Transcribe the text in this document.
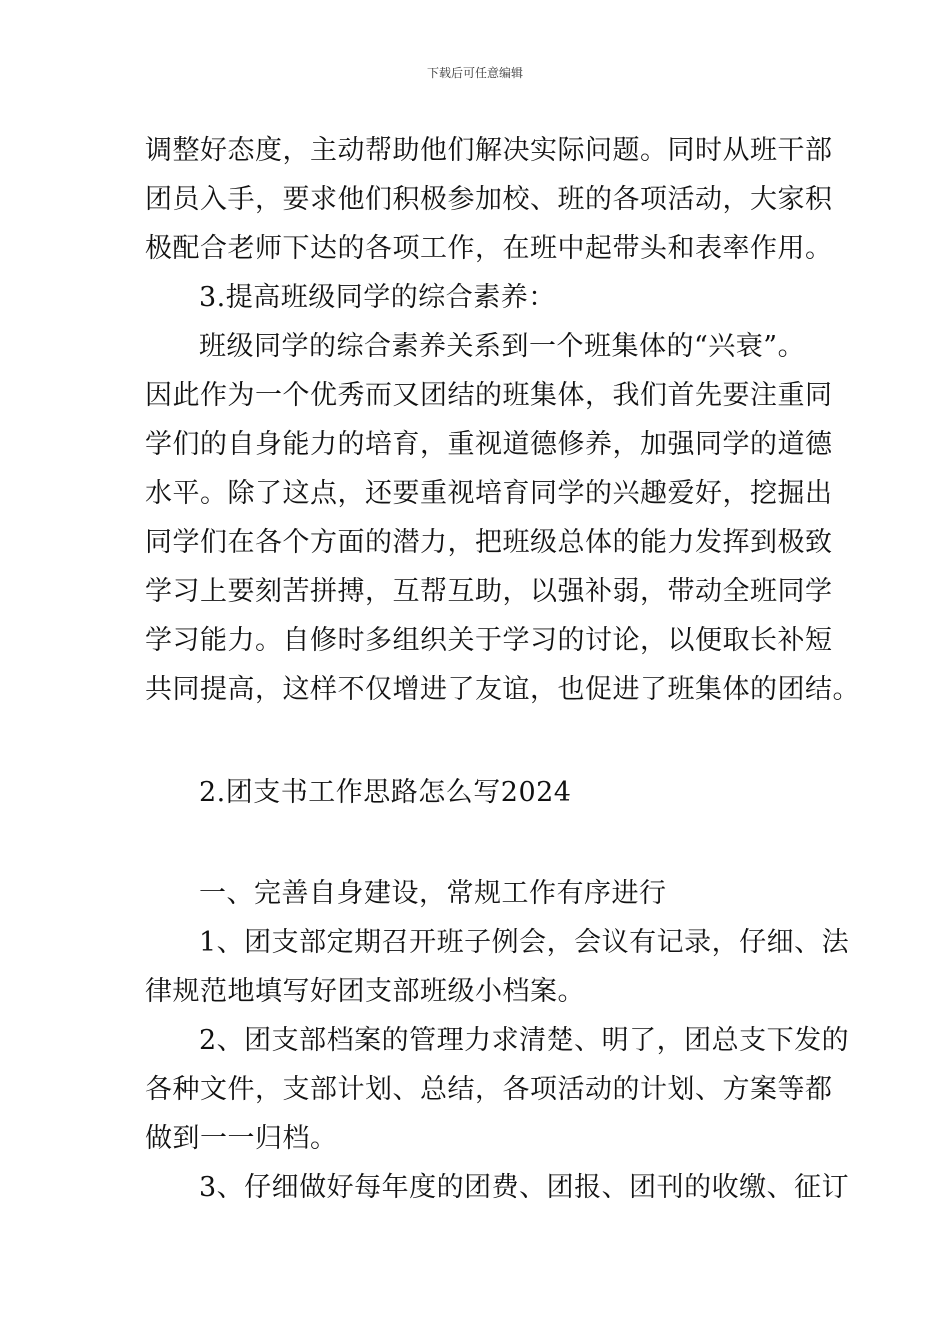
下载后可任意编辑
调整好态度，主动帮助他们解决实际问题。同时从班干部
团员入手，要求他们积极参加校、班的各项活动，大家积
极配合老师下达的各项工作，在班中起带头和表率作用。
3.提高班级同学的综合素养：
班级同学的综合素养关系到一个班集体的“兴衰”。
因此作为一个优秀而又团结的班集体，我们首先要注重同
学们的自身能力的培育，重视道德修养，加强同学的道德
水平。除了这点，还要重视培育同学的兴趣爱好，挖掘出
同学们在各个方面的潜力，把班级总体的能力发挥到极致
学习上要刻苦拼搏，互帮互助，以强补弱，带动全班同学
学习能力。自修时多组织关于学习的讨论，以便取长补短
共同提高，这样不仅增进了友谊，也促进了班集体的团结。
2.团支书工作思路怎么写2024
一、完善自身建设，常规工作有序进行
1、团支部定期召开班子例会，会议有记录，仔细、法
律规范地填写好团支部班级小档案。
2、团支部档案的管理力求清楚、明了，团总支下发的
各种文件，支部计划、总结，各项活动的计划、方案等都
做到一一归档。
3、仔细做好每年度的团费、团报、团刊的收缴、征订
